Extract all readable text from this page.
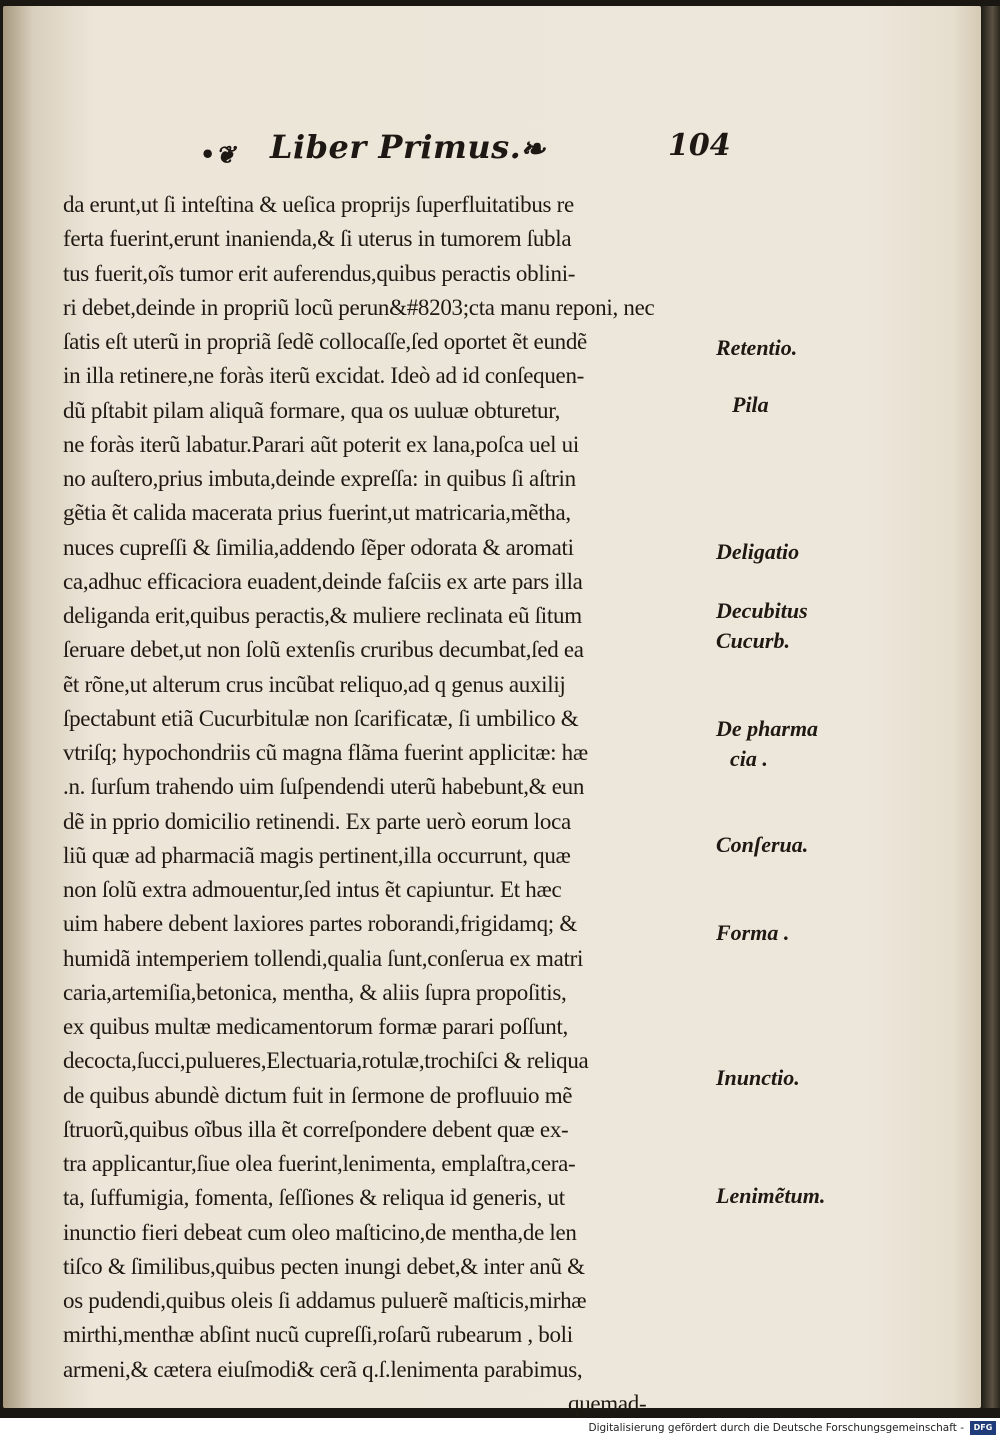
•❦ Liber Primus.
❧	104
da erunt,ut ſi inteſtina & ueſica proprijs ſuperfluitatibus re
ferta fuerint,erunt inanienda,& ſi uterus in tumorem ſubla
tus fuerit,oĩs tumor erit auferendus,quibus peractis oblini-
ri debet,deinde in propriũ locũ perun&#8203;cta manu reponi, nec
ſatis eſt uterũ in propriã ſedẽ collocaſſe,ſed oportet ẽt eundẽ
in illa retinere,ne foràs iterũ excidat. Ideò ad id conſequen-
dũ pſtabit pilam aliquã formare, qua os uuluæ obturetur,
ne foràs iterũ labatur.Parari aũt poterit ex lana,poſca uel ui
no auſtero,prius imbuta,deinde expreſſa: in quibus ſi aſtrin
gẽtia ẽt calida macerata prius fuerint,ut matricaria,mẽtha,
nuces cupreſſi & ſimilia,addendo ſẽper odorata & aromati
ca,adhuc efficaciora euadent,deinde faſciis ex arte pars illa
deliganda erit,quibus peractis,& muliere reclinata eũ ſitum
ſeruare debet,ut non ſolũ extenſis cruribus decumbat,ſed ea
ẽt rõne,ut alterum crus incũbat reliquo,ad q genus auxilij
ſpectabunt etiã Cucurbitulæ non ſcarificatæ, ſi umbilico &
vtriſq; hypochondriis cũ magna flãma fuerint applicitæ: hæ
.n. ſurſum trahendo uim ſuſpendendi uterũ habebunt,& eun
dẽ in pprio domicilio retinendi. Ex parte uerò eorum loca
liũ quæ ad pharmaciã magis pertinent,illa occurrunt, quæ
non ſolũ extra admouentur,ſed intus ẽt capiuntur. Et hæc
uim habere debent laxiores partes roborandi,frigidamq; &
humidã intemperiem tollendi,qualia ſunt,conſerua ex matri
caria,artemiſia,betonica, mentha, & aliis ſupra propoſitis,
ex quibus multæ medicamentorum formæ parari poſſunt,
decocta,ſucci,pulueres,Electuaria,rotulæ,trochiſci & reliqua
de quibus abundè dictum fuit in ſermone de profluuio mẽ
ſtruorũ,quibus oĩbus illa ẽt correſpondere debent quæ ex-
tra applicantur,ſiue olea fuerint,lenimenta, emplaſtra,cera-
ta, ſuffumigia, fomenta, ſeſſiones & reliqua id generis, ut
inunctio fieri debeat cum oleo maſticino,de mentha,de len
tiſco & ſimilibus,quibus pecten inungi debet,& inter anũ &
os pudendi,quibus oleis ſi addamus puluerẽ maſticis,mirhæ
mirthi,menthæ abſint nucũ cupreſſi,roſarũ rubearum , boli
armeni,& cætera eiuſmodi& cerã q.ſ.lenimenta parabimus,
quemad-
Retentio.
Pila
Deligatio
Decubitus
Cucurb.
De pharma
cia .
Conſerua.
Forma .
Inunctio.
Lenimẽtum.
Digitalisierung gefördert durch die Deutsche Forschungsgemeinschaft -	DFG
